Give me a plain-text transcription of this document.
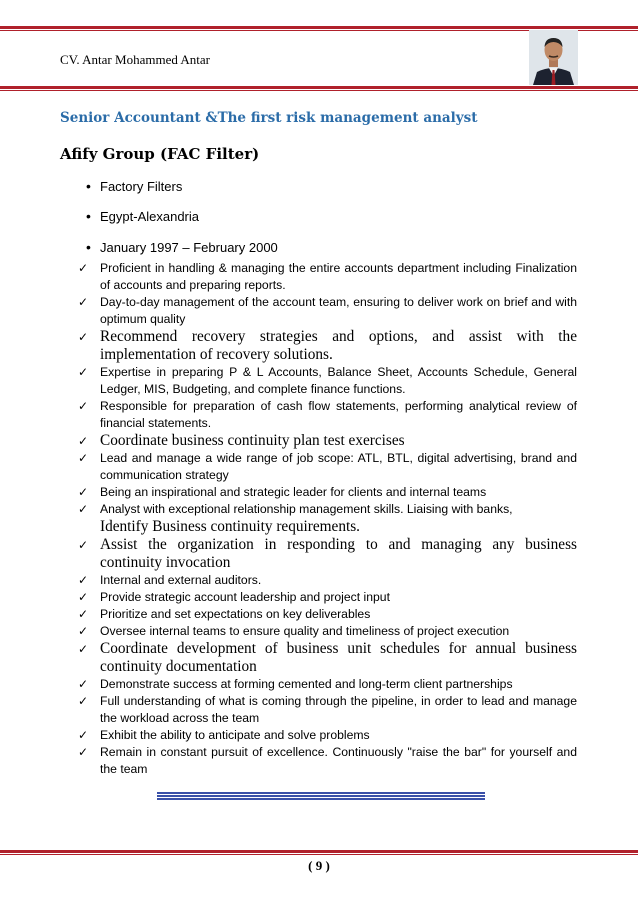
CV. Antar Mohammed Antar
Senior Accountant &The first risk management analyst
Afify Group (FAC Filter)
• Factory Filters
• Egypt-Alexandria
• January 1997 – February 2000
✓ Proficient in handling & managing the entire accounts department including Finalization of accounts and preparing reports.
✓ Day-to-day management of the account team, ensuring to deliver work on brief and with optimum quality
✓ Recommend recovery strategies and options, and assist with the implementation of recovery solutions.
✓ Expertise in preparing P & L Accounts, Balance Sheet, Accounts Schedule, General Ledger, MIS, Budgeting, and complete finance functions.
✓ Responsible for preparation of cash flow statements, performing analytical review of financial statements.
✓ Coordinate business continuity plan test exercises
✓ Lead and manage a wide range of job scope: ATL, BTL, digital advertising, brand and communication strategy
✓ Being an inspirational and strategic leader for clients and internal teams
✓ Analyst with exceptional relationship management skills. Liaising with banks,
Identify Business continuity requirements.
✓ Assist the organization in responding to and managing any business continuity invocation
✓ Internal and external auditors.
✓ Provide strategic account leadership and project input
✓ Prioritize and set expectations on key deliverables
✓ Oversee internal teams to ensure quality and timeliness of project execution
✓ Coordinate development of business unit schedules for annual business continuity documentation
✓ Demonstrate success at forming cemented and long-term client partnerships
✓ Full understanding of what is coming through the pipeline, in order to lead and manage the workload across the team
✓ Exhibit the ability to anticipate and solve problems
✓ Remain in constant pursuit of excellence. Continuously "raise the bar" for yourself and the team
( 9 )
